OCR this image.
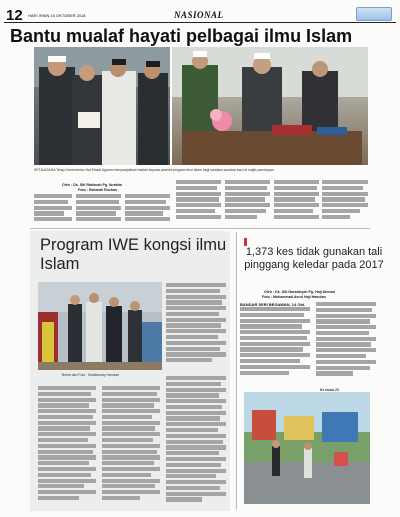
12 HARI ISNIN 15 OKTOBER 2018	NASIONAL
Bantu mualaf hayati pelbagai ilmu Islam
SETIAUSAHA Tetap Kementerian Hal Ehwal Ugama menyampaikan hadiah kepada peserta program ilmu Islam bagi saudara-saudara baru di majlis penutupan.
Oleh : Dk. Siti Rahimah Pg. Ibrahim
Foto : Rahmah Rozhan
Program IWE kongsi ilmu Islam
Berita dan Foto : Marikamaty Hamzah
1,373 kes tidak gunakan tali pinggang keledar pada 2017
Oleh : Dk. Siti Nurzakiyah Pg. Haji Ahmad
Foto : Muhammad Asrul Haji Hamdan
BANDAR SERI BEGAWAN, 14 Okt.
Ke muka 23
